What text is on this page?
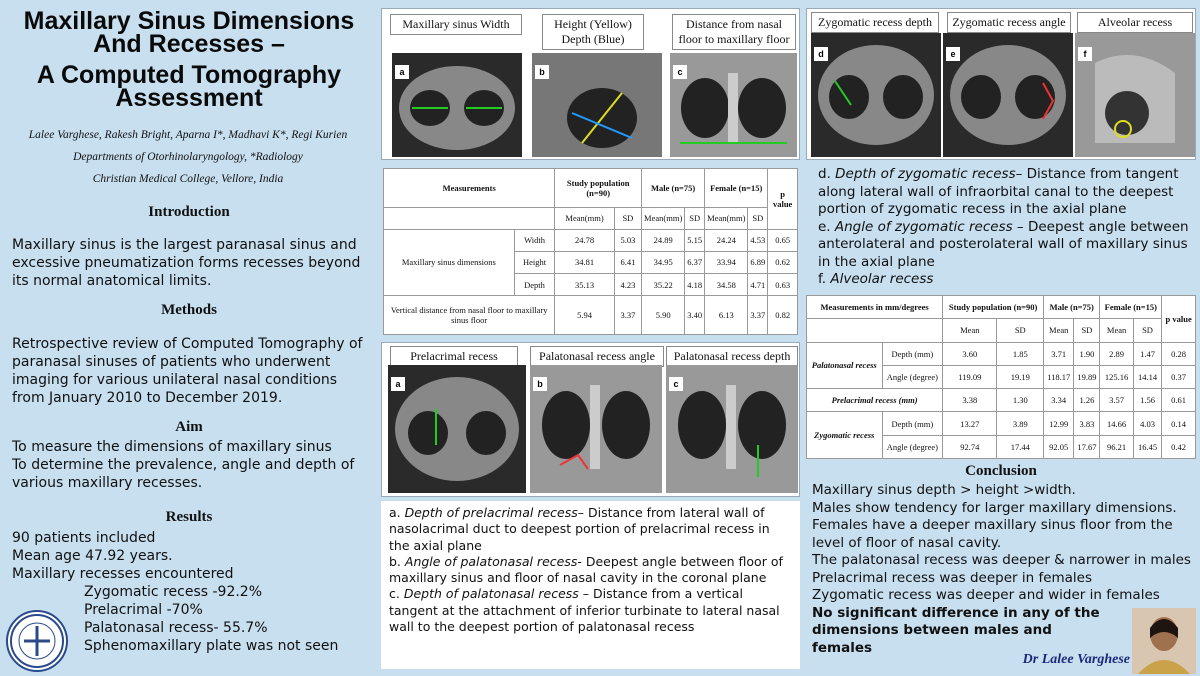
Maxillary Sinus Dimensions
And Recesses –
A Computed Tomography
Assessment
Lalee Varghese, Rakesh Bright, Aparna I*, Madhavi K*, Regi Kurien
Departments of Otorhinolaryngology, *Radiology
Christian Medical College, Vellore, India
Introduction
Maxillary sinus is the largest paranasal sinus and excessive pneumatization forms recesses beyond its normal anatomical limits.
Methods
Retrospective review of Computed Tomography of paranasal sinuses of patients who underwent imaging for various unilateral nasal conditions from January 2010 to December 2019.
Aim
To measure the dimensions of maxillary sinus
To determine the prevalence, angle and depth of various maxillary recesses.
Results
90 patients included
Mean age 47.92 years.
Maxillary recesses encountered
Zygomatic recess -92.2%
Prelacrimal -70%
Palatonasal recess- 55.7%
Sphenomaxillary plate was not seen
Maxillary sinus Width	Height (Yellow) Depth (Blue)
Distance from nasal floor to maxillary floor
a	b	c
Measurements		Study population (n=90)		Male (n=75)		Female (n=15)		p value
		Mean(mm)	SD	Mean(mm)	SD	Mean(mm)	SD	
Maxillary sinus dimensions	Width	24.78	5.03	24.89	5.15	24.24	4.53	0.65
	Height	34.81	6.41	34.95	6.37	33.94	6.89	0.62
	Depth	35.13	4.23	35.22	4.18	34.58	4.71	0.63
Vertical distance from nasal floor to maxillary sinus floor		5.94	3.37	5.90	3.40	6.13	3.37	0.82
Prelacrimal recess	Palatonasal recess angle	Palatonasal recess depth
a	b	c
a. Depth of prelacrimal recess– Distance from lateral wall of nasolacrimal duct to deepest portion of prelacrimal recess in the axial plane
b. Angle of palatonasal recess- Deepest angle between floor of maxillary sinus and floor of nasal cavity in the coronal plane
c. Depth of palatonasal recess – Distance from a vertical tangent at the attachment of inferior turbinate to lateral nasal wall to the deepest portion of palatonasal recess
Zygomatic recess depth	Zygomatic recess angle	Alveolar recess
d	e	f
d. Depth of zygomatic recess– Distance from tangent along lateral wall of infraorbital canal to the deepest portion of zygomatic recess in the axial plane
e. Angle of zygomatic recess – Deepest angle between anterolateral and posterolateral wall of maxillary sinus in the axial plane
f. Alveolar recess
Measurements in mm/degrees		Study population (n=90)		Male (n=75)		Female (n=15)		p value
		Mean	SD	Mean	SD	Mean	SD	
Palatonasal recess	Depth (mm)	3.60	1.85	3.71	1.90	2.89	1.47	0.28
	Angle (degree)	119.09	19.19	118.17	19.89	125.16	14.14	0.37
Prelacrimal recess (mm)		3.38	1.30	3.34	1.26	3.57	1.56	0.61
Zygomatic recess	Depth (mm)	13.27	3.89	12.99	3.83	14.66	4.03	0.14
	Angle (degree)	92.74	17.44	92.05	17.67	96.21	16.45	0.42
Conclusion
Maxillary sinus depth > height >width.
Males show tendency for larger maxillary dimensions.
Females have a deeper maxillary sinus floor from the level of floor of nasal cavity.
The palatonasal recess was deeper & narrower in males
Prelacrimal recess was deeper in females
Zygomatic recess was deeper and wider in females
No significant difference in any of the dimensions between males and females
Dr Lalee Varghese
